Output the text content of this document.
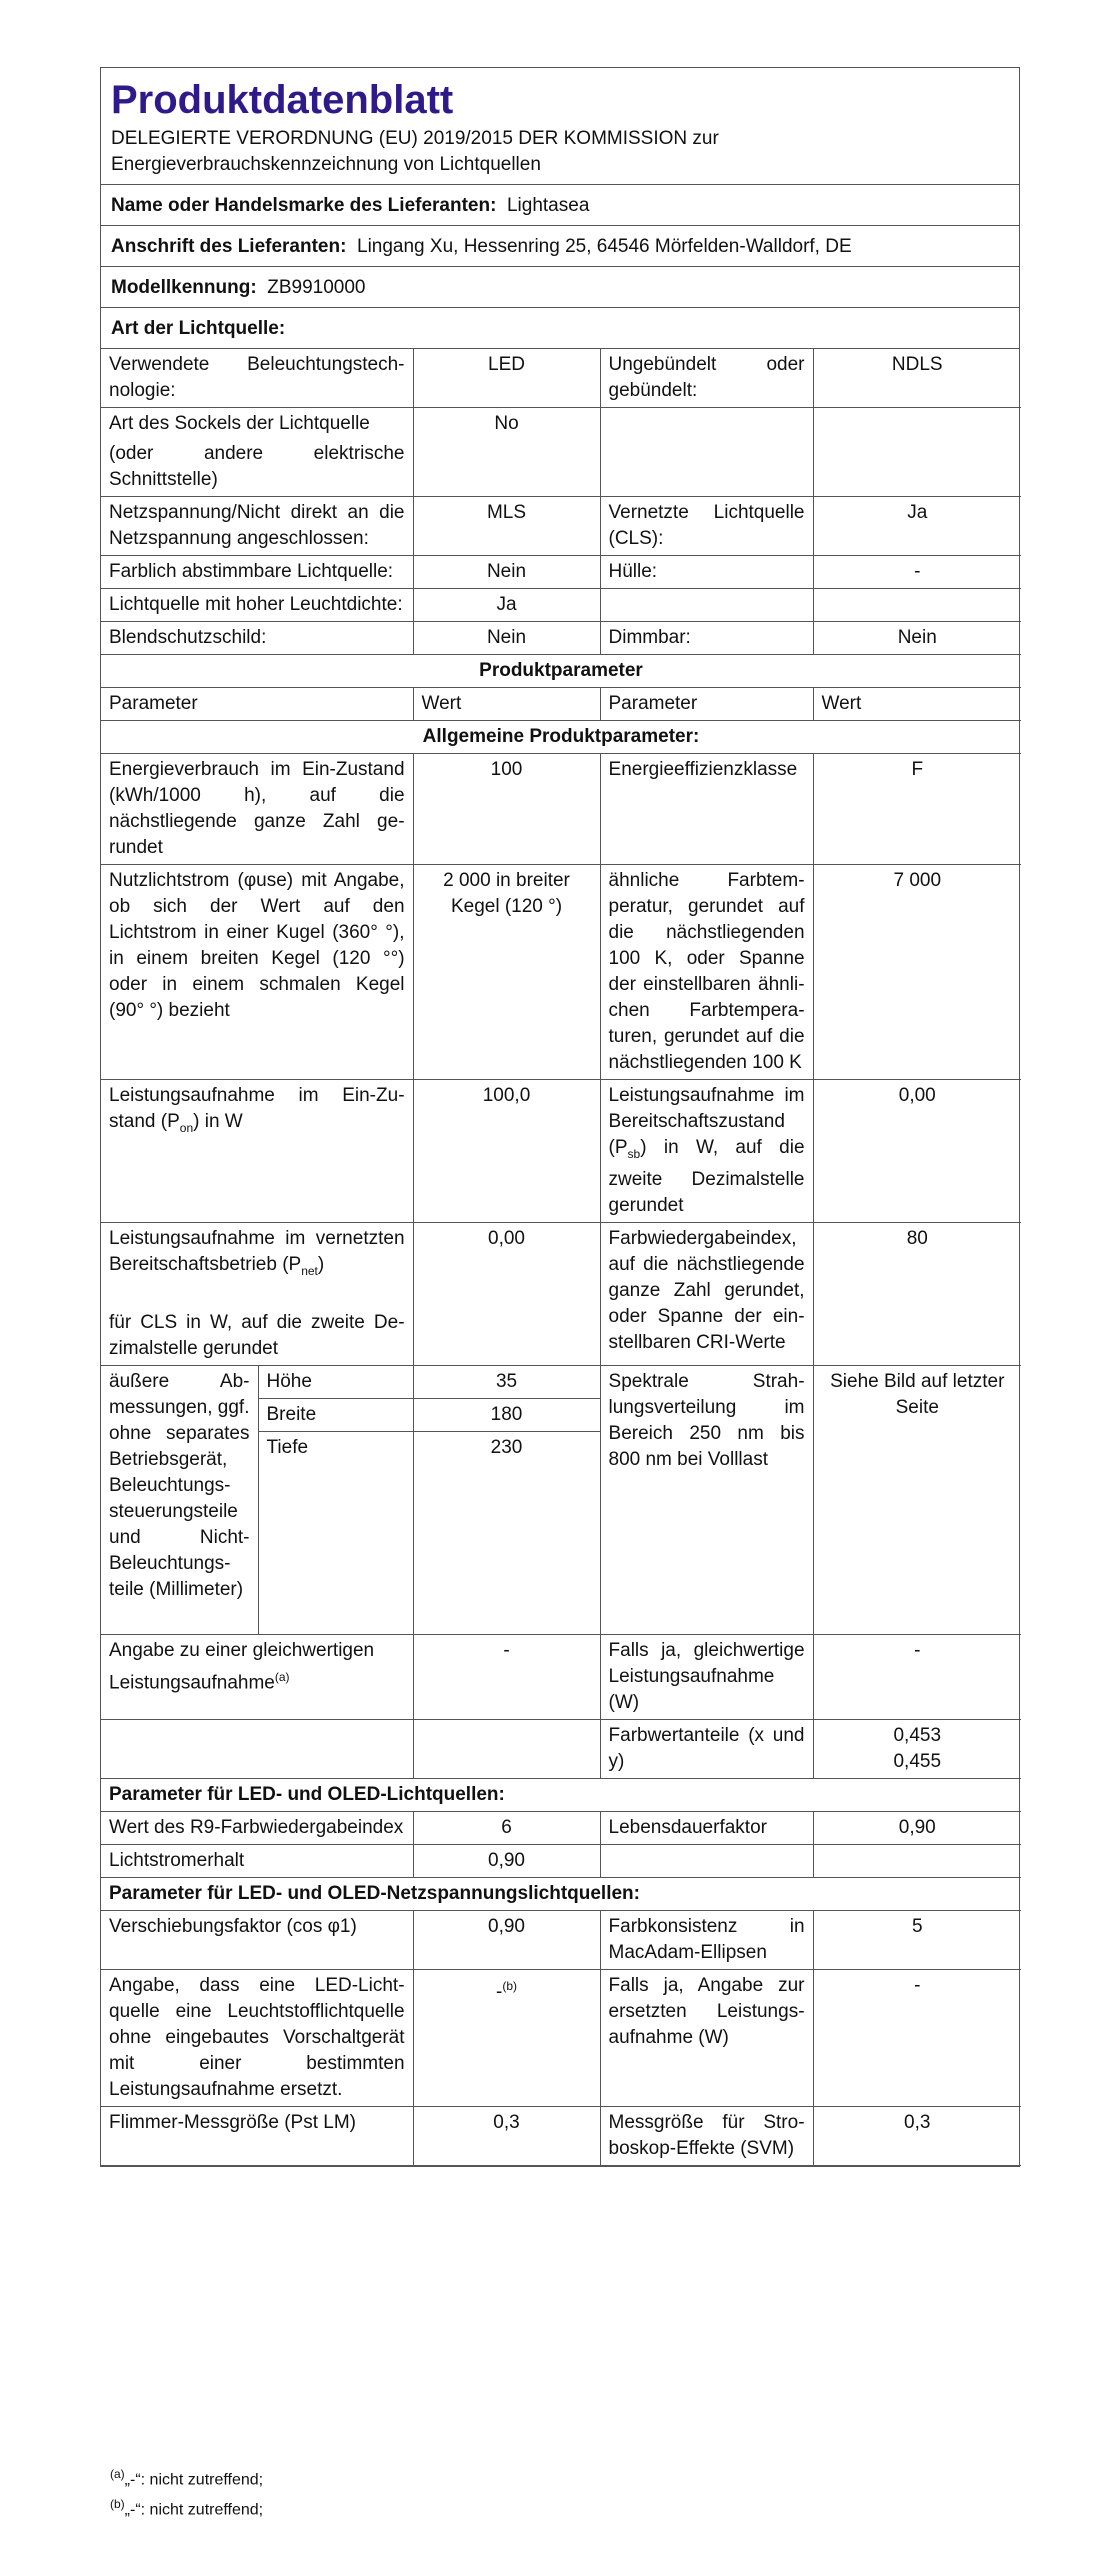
Produktdatenblatt
DELEGIERTE VERORDNUNG (EU) 2019/2015 DER KOMMISSION zur Energieverbrauchskennzeichnung von Lichtquellen
Name oder Handelsmarke des Lieferanten: Lightasea
Anschrift des Lieferanten: Lingang Xu, Hessenring 25, 64546 Mörfelden-Walldorf, DE
Modellkennung: ZB9910000
Art der Lichtquelle:
Verwendete Beleuchtungstechnologie:	LED	Ungebündelt oder gebündelt:	NDLS

Art des Sockels der Lichtquelle
(oder andere elektrische Schnittstelle)	No		
Netzspannung/Nicht direkt an die Netzspannung angeschlossen:	MLS	Vernetzte Lichtquelle (CLS):	Ja
Farblich abstimmbare Lichtquelle:	Nein	Hülle:	-
Lichtquelle mit hoher Leuchtdichte:	Ja		
Blendschutzschild:	Nein	Dimmbar:	Nein
Produktparameter			
Parameter	Wert	Parameter	Wert
Allgemeine Produktparameter:			
Energieverbrauch im Ein-Zustand (kWh/1000 h), auf die nächstliegende ganze Zahl gerundet		100	Energieeffizienzklasse	F
Nutzlichtstrom (φuse) mit Angabe, ob sich der Wert auf den Lichtstrom in einer Kugel (360° °), in einem breiten Kegel (120 °°) oder in einem schmalen Kegel (90° °) bezieht		2 000 in breiter Kegel (120 °)	ähnliche Farbtemperatur, gerundet auf die nächstliegenden 100 K, oder Spanne der einstellbaren ähnlichen Farbtemperaturen, gerundet auf die nächstliegenden 100 K	7 000
Leistungsaufnahme im Ein-Zustand $(P_{on})$ in W		100,0	Leistungsaufnahme im Bereitschaftszustand $(P_{sb})$ in W, auf die zweite Dezimalstelle gerundet	0,00
Leistungsaufnahme im vernetzten Bereitschaftsbetrieb $(P_{net})$
für CLS in W, auf die zweite Dezimalstelle gerundet		0,00	Farbwiedergabeindex, auf die nächstliegende ganze Zahl gerundet, oder Spanne der einstellbaren CRI-Werte	80
äußere Abmessungen, ggf. ohne separates Betriebsgerät, Beleuchtungssteuerungsteile und Nicht-Beleuchtungsteile (Millimeter)	Höhe	35	Spektrale Strahlungsverteilung im Bereich 250 nm bis 800 nm bei Volllast	Siehe Bild auf letzter Seite
	Breite	180		
	Tiefe	230		
Angabe zu einer gleichwertigen Leistungsaufnahme$^{(a)}$		-	Falls ja, gleichwertige Leistungsaufnahme (W)	-
			Farbwertanteile (x und y)	0,453
0,455

Parameter für LED- und OLED-Lichtquellen:				
Wert des R9-Farbwiedergabeindex		6	Lebensdauerfaktor	0,90
Lichtstromerhalt		0,90		
Parameter für LED- und OLED-Netzspannungslichtquellen:				
Verschiebungsfaktor (cos φ1)		0,90	Farbkonsistenz in MacAdam-Ellipsen	5
Angabe, dass eine LED-Lichtquelle eine Leuchtstofflichtquelle ohne eingebautes Vorschaltgerät mit einer bestimmten Leistungsaufnahme ersetzt.		-$^{(b)}$	Falls ja, Angabe zur ersetzten Leistungsaufnahme (W)	-
Flimmer-Messgröße (Pst LM)		0,3	Messgröße für Stroboskop-Effekte (SVM)	0,3
$^{(a)}$„-“: nicht zutreffend;
$^{(b)}$„-“: nicht zutreffend;
